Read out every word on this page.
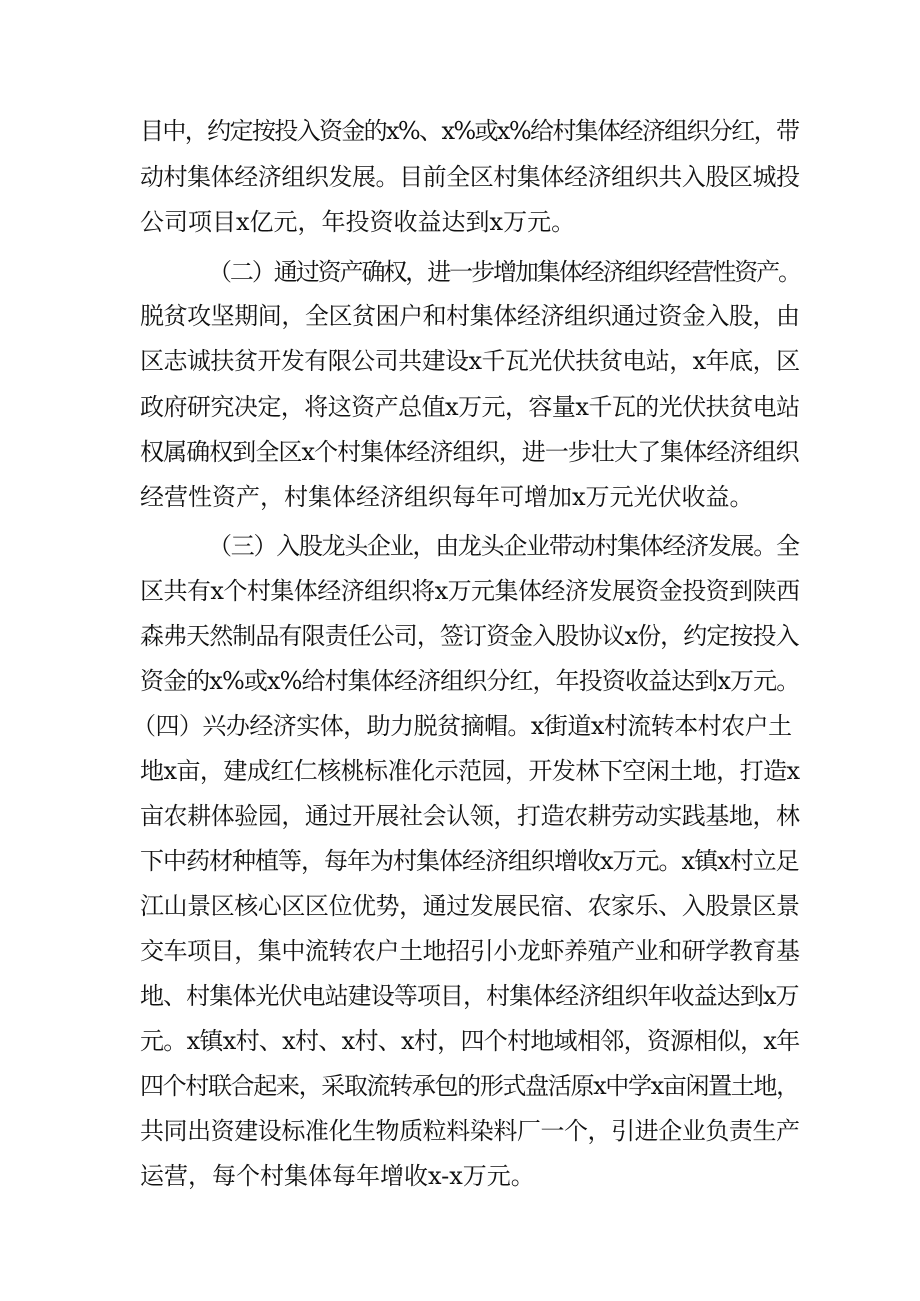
目中，约定按投入资金的x%、x%或x%给村集体经济组织分红，带
动村集体经济组织发展。目前全区村集体经济组织共入股区城投
公司项目x亿元，年投资收益达到x万元。
（二）通过资产确权，进一步增加集体经济组织经营性资产。
脱贫攻坚期间，全区贫困户和村集体经济组织通过资金入股，由
区志诚扶贫开发有限公司共建设x千瓦光伏扶贫电站，x年底，区
政府研究决定，将这资产总值x万元，容量x千瓦的光伏扶贫电站
权属确权到全区x个村集体经济组织，进一步壮大了集体经济组织
经营性资产，村集体经济组织每年可增加x万元光伏收益。
（三）入股龙头企业，由龙头企业带动村集体经济发展。全
区共有x个村集体经济组织将x万元集体经济发展资金投资到陕西
森弗天然制品有限责任公司，签订资金入股协议x份，约定按投入
资金的x%或x%给村集体经济组织分红，年投资收益达到x万元。
（四）兴办经济实体，助力脱贫摘帽。x街道x村流转本村农户土
地x亩，建成红仁核桃标准化示范园，开发林下空闲土地，打造x
亩农耕体验园，通过开展社会认领，打造农耕劳动实践基地，林
下中药材种植等，每年为村集体经济组织增收x万元。x镇x村立足
江山景区核心区区位优势，通过发展民宿、农家乐、入股景区景
交车项目，集中流转农户土地招引小龙虾养殖产业和研学教育基
地、村集体光伏电站建设等项目，村集体经济组织年收益达到x万
元。x镇x村、x村、x村、x村，四个村地域相邻，资源相似，x年
四个村联合起来，采取流转承包的形式盘活原x中学x亩闲置土地，
共同出资建设标准化生物质粒料染料厂一个，引进企业负责生产
运营，每个村集体每年增收x-x万元。
